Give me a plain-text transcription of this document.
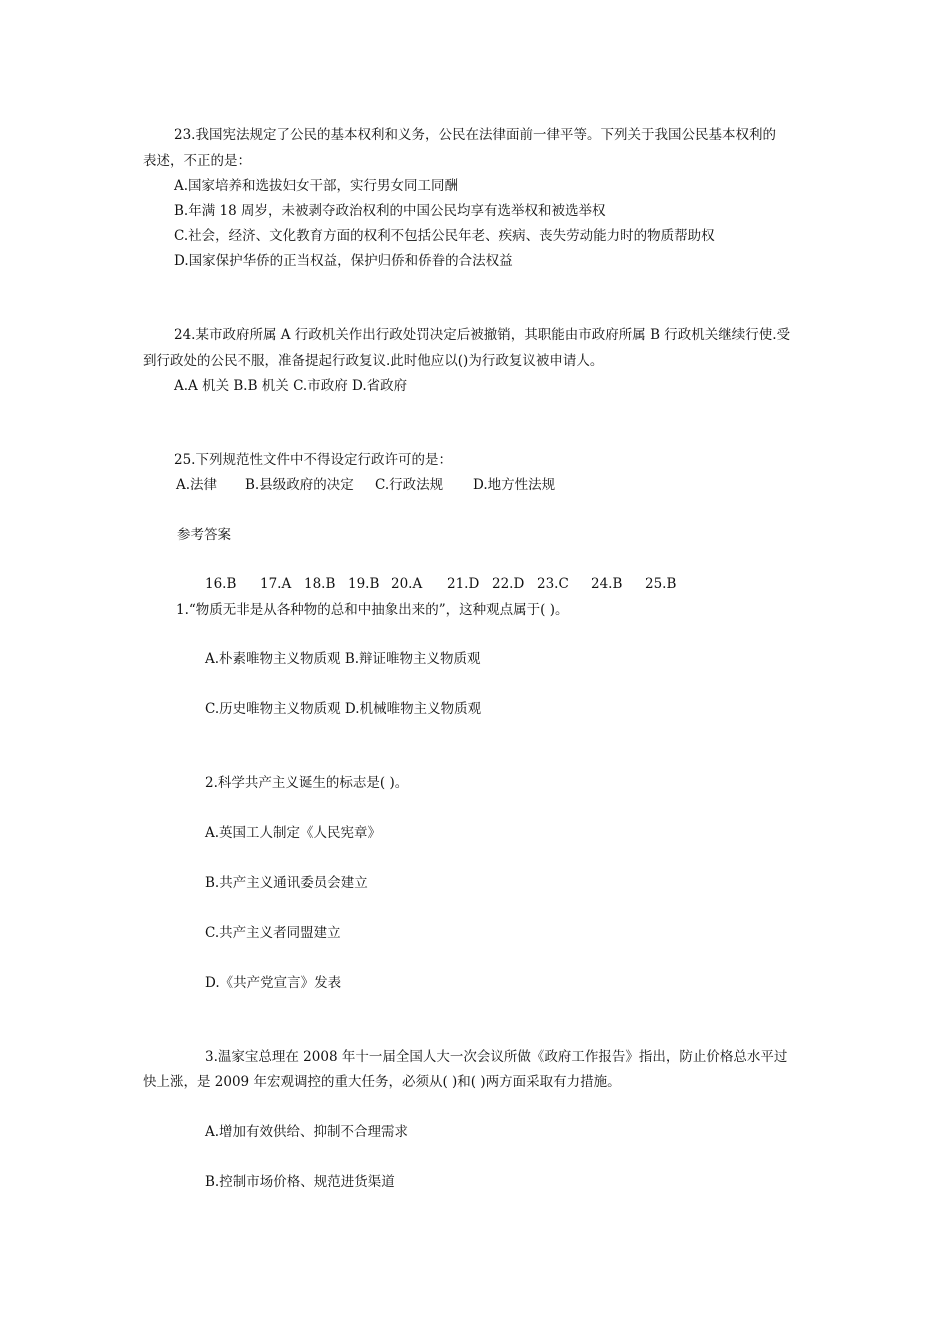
23.我国宪法规定了公民的基本权利和义务，公民在法律面前一律平等。下列关于我国公民基本权利的
表述，不正的是：
A.国家培养和选拔妇女干部，实行男女同工同酬
B.年满 18 周岁，未被剥夺政治权利的中国公民均享有选举权和被选举权
C.社会，经济、文化教育方面的权利不包括公民年老、疾病、丧失劳动能力时的物质帮助权
D.国家保护华侨的正当权益，保护归侨和侨眷的合法权益
24.某市政府所属 A 行政机关作出行政处罚决定后被撤销，其职能由市政府所属 B 行政机关继续行使.受
到行政处的公民不服，准备提起行政复议.此时他应以()为行政复议被申请人。
A.A 机关 B.B 机关 C.市政府 D.省政府
25.下列规范性文件中不得设定行政许可的是：
A.法律 B.县级政府的决定 C.行政法规 D.地方性法规
参考答案
16.B 17.A 18.B 19.B 20.A 21.D 22.D 23.C 24.B 25.B
1.“物质无非是从各种物的总和中抽象出来的”，这种观点属于( )。
A.朴素唯物主义物质观 B.辩证唯物主义物质观
C.历史唯物主义物质观 D.机械唯物主义物质观
2.科学共产主义诞生的标志是( )。
A.英国工人制定《人民宪章》
B.共产主义通讯委员会建立
C.共产主义者同盟建立
D.《共产党宣言》发表
3.温家宝总理在 2008 年十一届全国人大一次会议所做《政府工作报告》指出，防止价格总水平过
快上涨，是 2009 年宏观调控的重大任务，必须从( )和( )两方面采取有力措施。
A.增加有效供给、抑制不合理需求
B.控制市场价格、规范进货渠道
